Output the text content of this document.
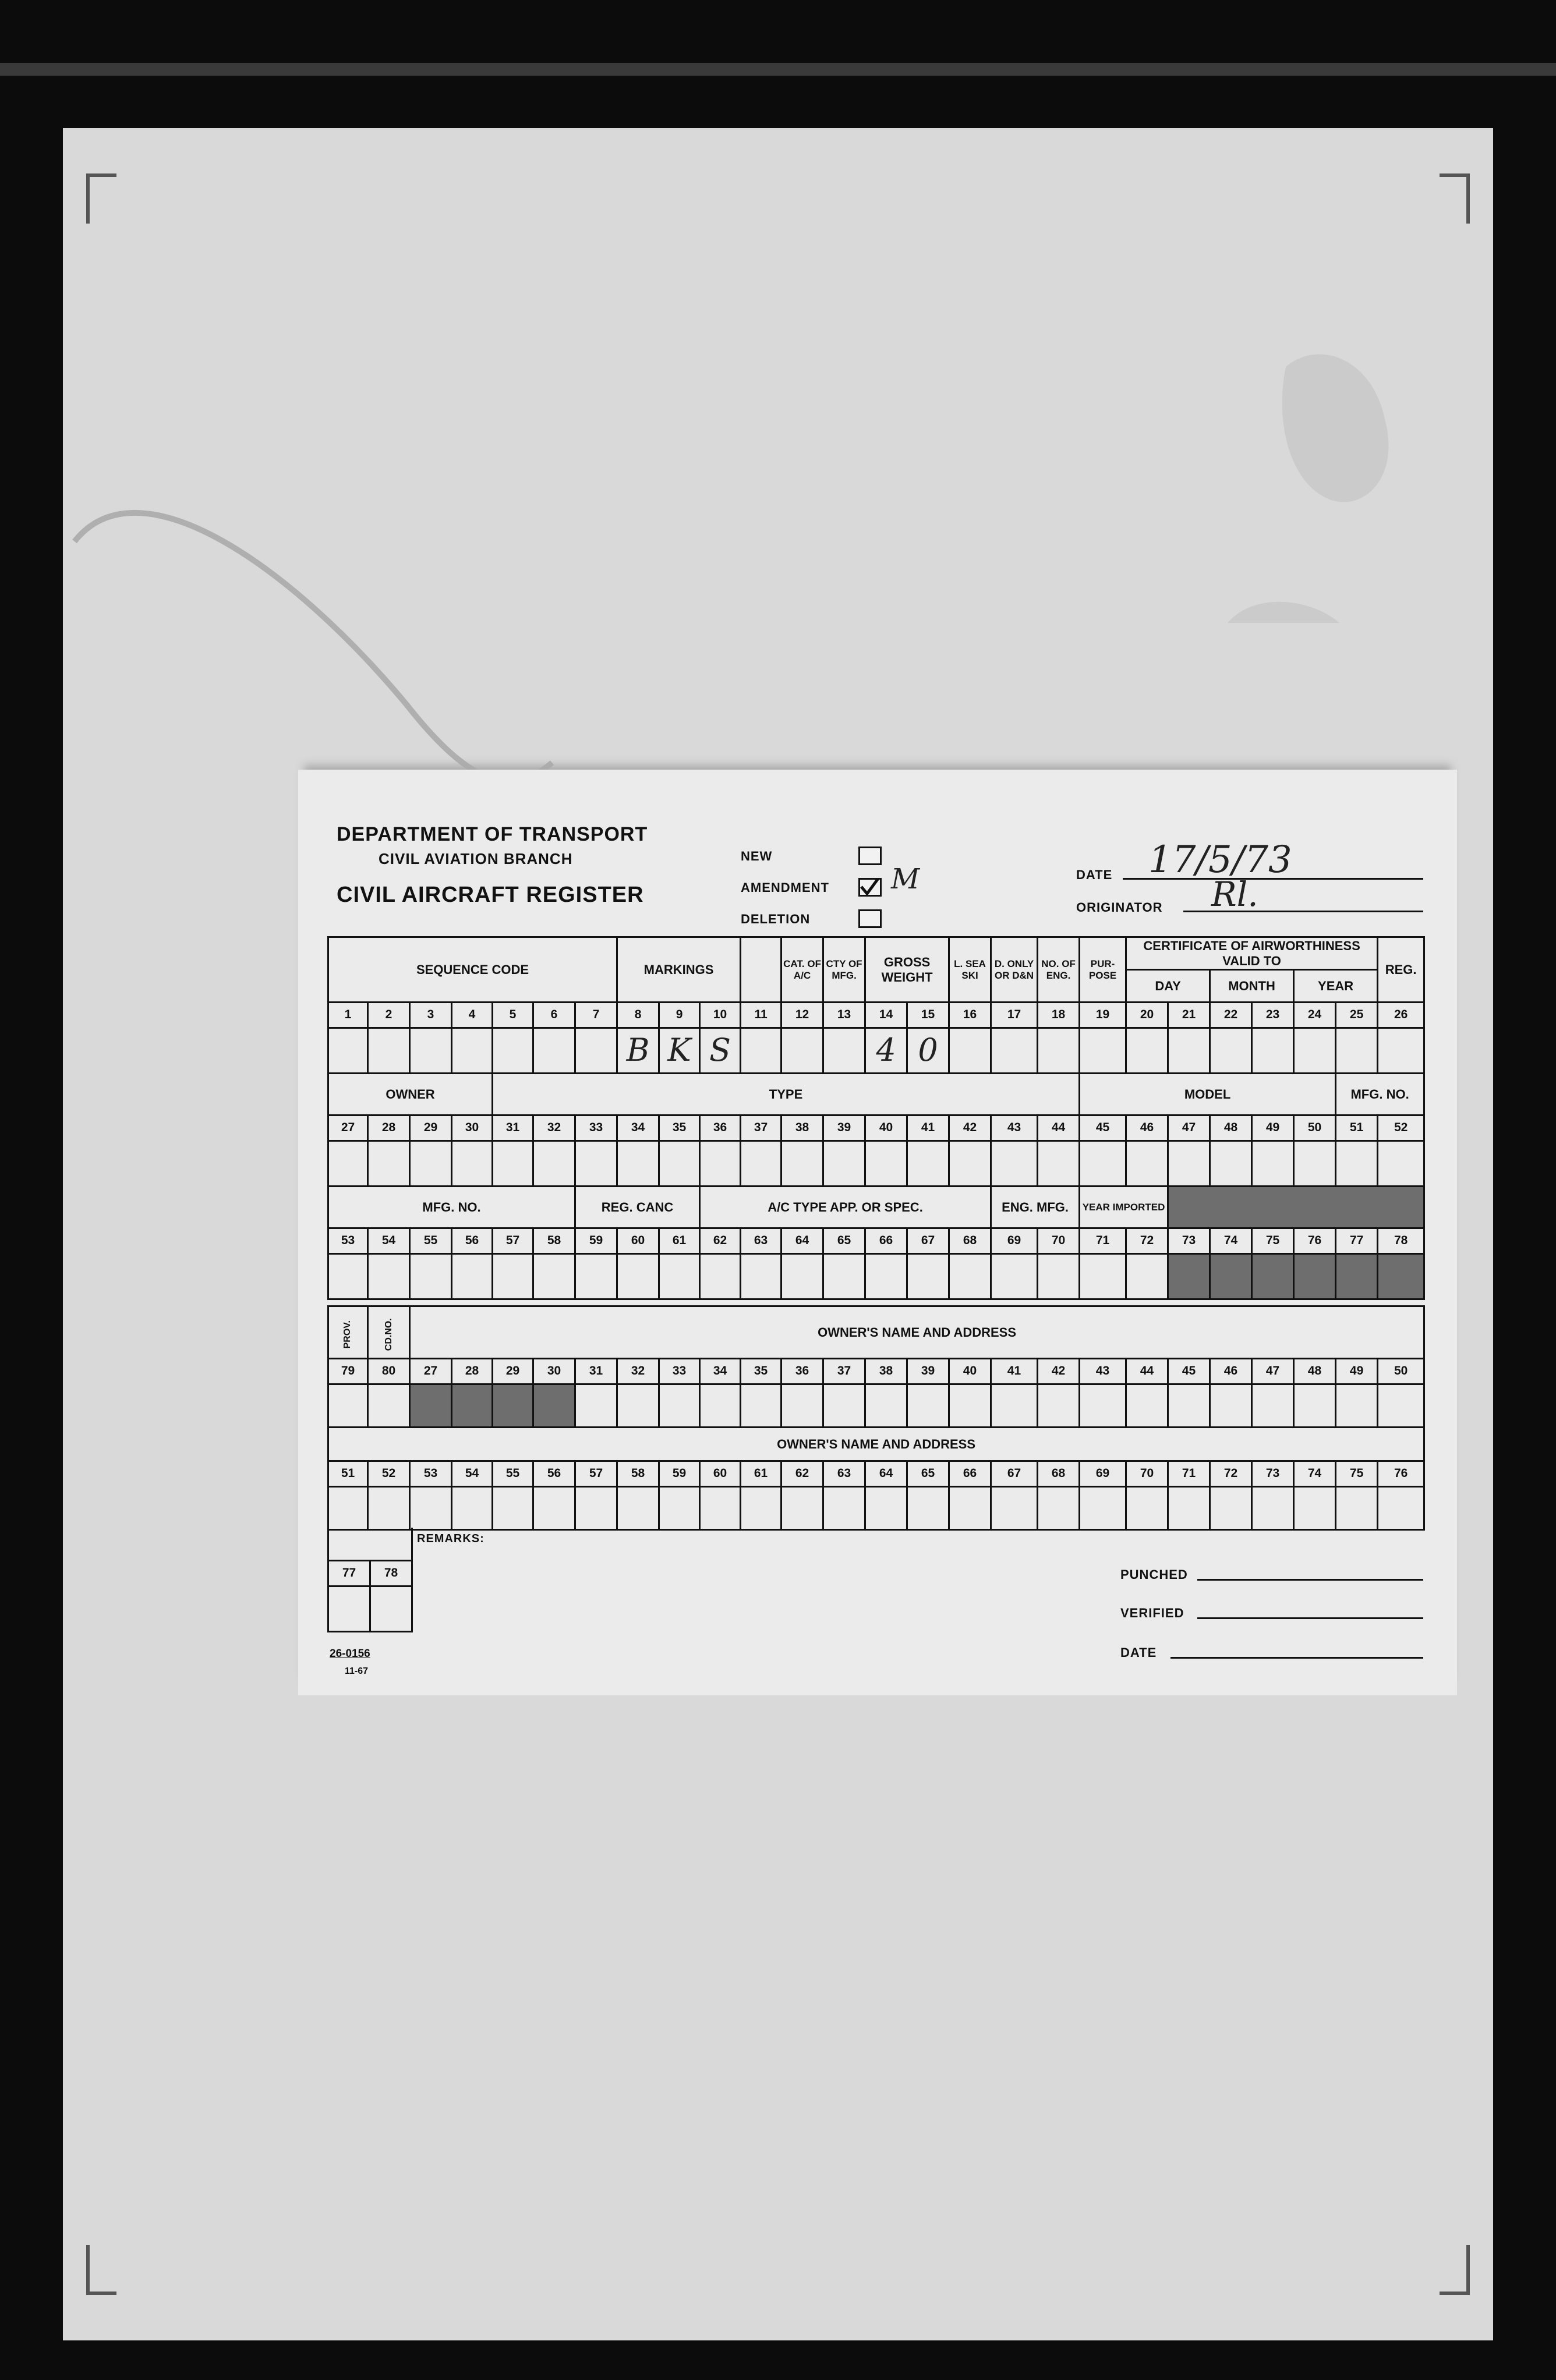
DEPARTMENT OF TRANSPORT
CIVIL AVIATION BRANCH
CIVIL AIRCRAFT REGISTER
NEW
AMENDMENT M
DELETION
DATE 17/5/73
ORIGINATOR Rl.
SEQUENCE CODE							MARKINGS				CAT. OF A/C	CTY OF MFG.	GROSS WEIGHT		L. SEA SKI	D. ONLY OR D&N	NO. OF ENG.	PUR-POSE	CERTIFICATE OF AIRWORTHINESS VALID TO						REG.
																			DAY		MONTH		YEAR		
1	2	3	4	5	6	7	8	9	10	11	12	13	14	15	16	17	18	19	20	21	22	23	24	25	26
							B	K	S				4	0											
OWNER				TYPE														MODEL						MFG. NO.	
27	28	29	30	31	32	33	34	35	36	37	38	39	40	41	42	43	44	45	46	47	48	49	50	51	52

MFG. NO.						REG. CANC			A/C TYPE APP. OR SPEC.							ENG. MFG.		YEAR IMPORTED							
53	54	55	56	57	58	59	60	61	62	63	64	65	66	67	68	69	70	71	72	73	74	75	76	77	78

PROV.	CD.NO.	OWNER'S NAME AND ADDRESS																							
79	80	27	28	29	30	31	32	33	34	35	36	37	38	39	40	41	42	43	44	45	46	47	48	49	50

OWNER'S NAME AND ADDRESS																									
51	52	53	54	55	56	57	58	59	60	61	62	63	64	65	66	67	68	69	70	71	72	73	74	75	76

77	78

REMARKS:
PUNCHED
VERIFIED
DATE
26-0156
11-67
